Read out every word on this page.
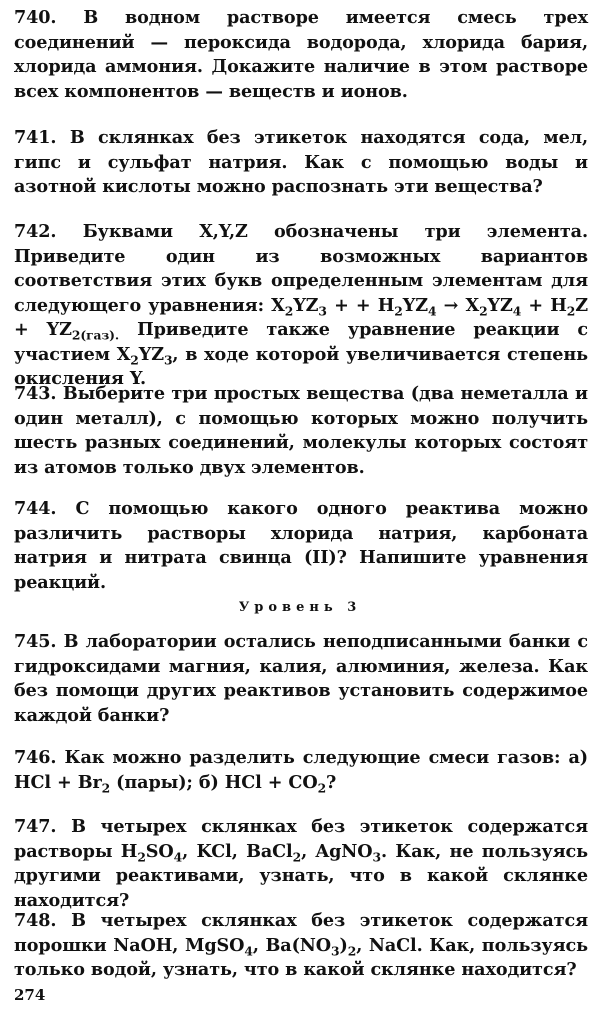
740. В водном растворе имеется смесь трех соединений — пероксида водорода, хлорида бария, хлорида аммония. Докажите наличие в этом растворе всех компонентов — веществ и ионов.

741. В склянках без этикеток находятся сода, мел, гипс и сульфат натрия. Как с помощью воды и азотной кислоты можно распознать эти вещества?

742. Буквами X,Y,Z обозначены три элемента. Приведите один из возможных вариантов соответствия этих букв определенным элементам для следующего уравнения: $X_2YZ_3$ + + $H_2YZ_4 \to X_2YZ_4 + H_2Z + YZ_{2(газ).}$ Приведите также уравнение реакции с участием $X_2YZ_3$, в ходе которой увеличивается степень окисления Y.

743. Выберите три простых вещества (два неметалла и один металл), с помощью которых можно получить шесть разных соединений, молекулы которых состоят из атомов только двух элементов.

744. С помощью какого одного реактива можно различить растворы хлорида натрия, карбоната натрия и нитрата свинца (II)? Напишите уравнения реакций.

Уровень 3

745. В лаборатории остались неподписанными банки с гидроксидами магния, калия, алюминия, железа. Как без помощи других реактивов установить содержимое каждой банки?

746. Как можно разделить следующие смеси газов: а) HCl + $Br_2$ (пары); б) HCl + $CO_2$?

747. В четырех склянках без этикеток содержатся растворы $H_2SO_4$, KCl, BaCl$_2$, AgNO$_3$. Как, не пользуясь другими реактивами, узнать, что в какой склянке находится?

748. В четырех склянках без этикеток содержатся порошки NaOH, MgSO$_4$, $Ba(NO_3)_2$, NaCl. Как, пользуясь только водой, узнать, что в какой склянке находится?

274
